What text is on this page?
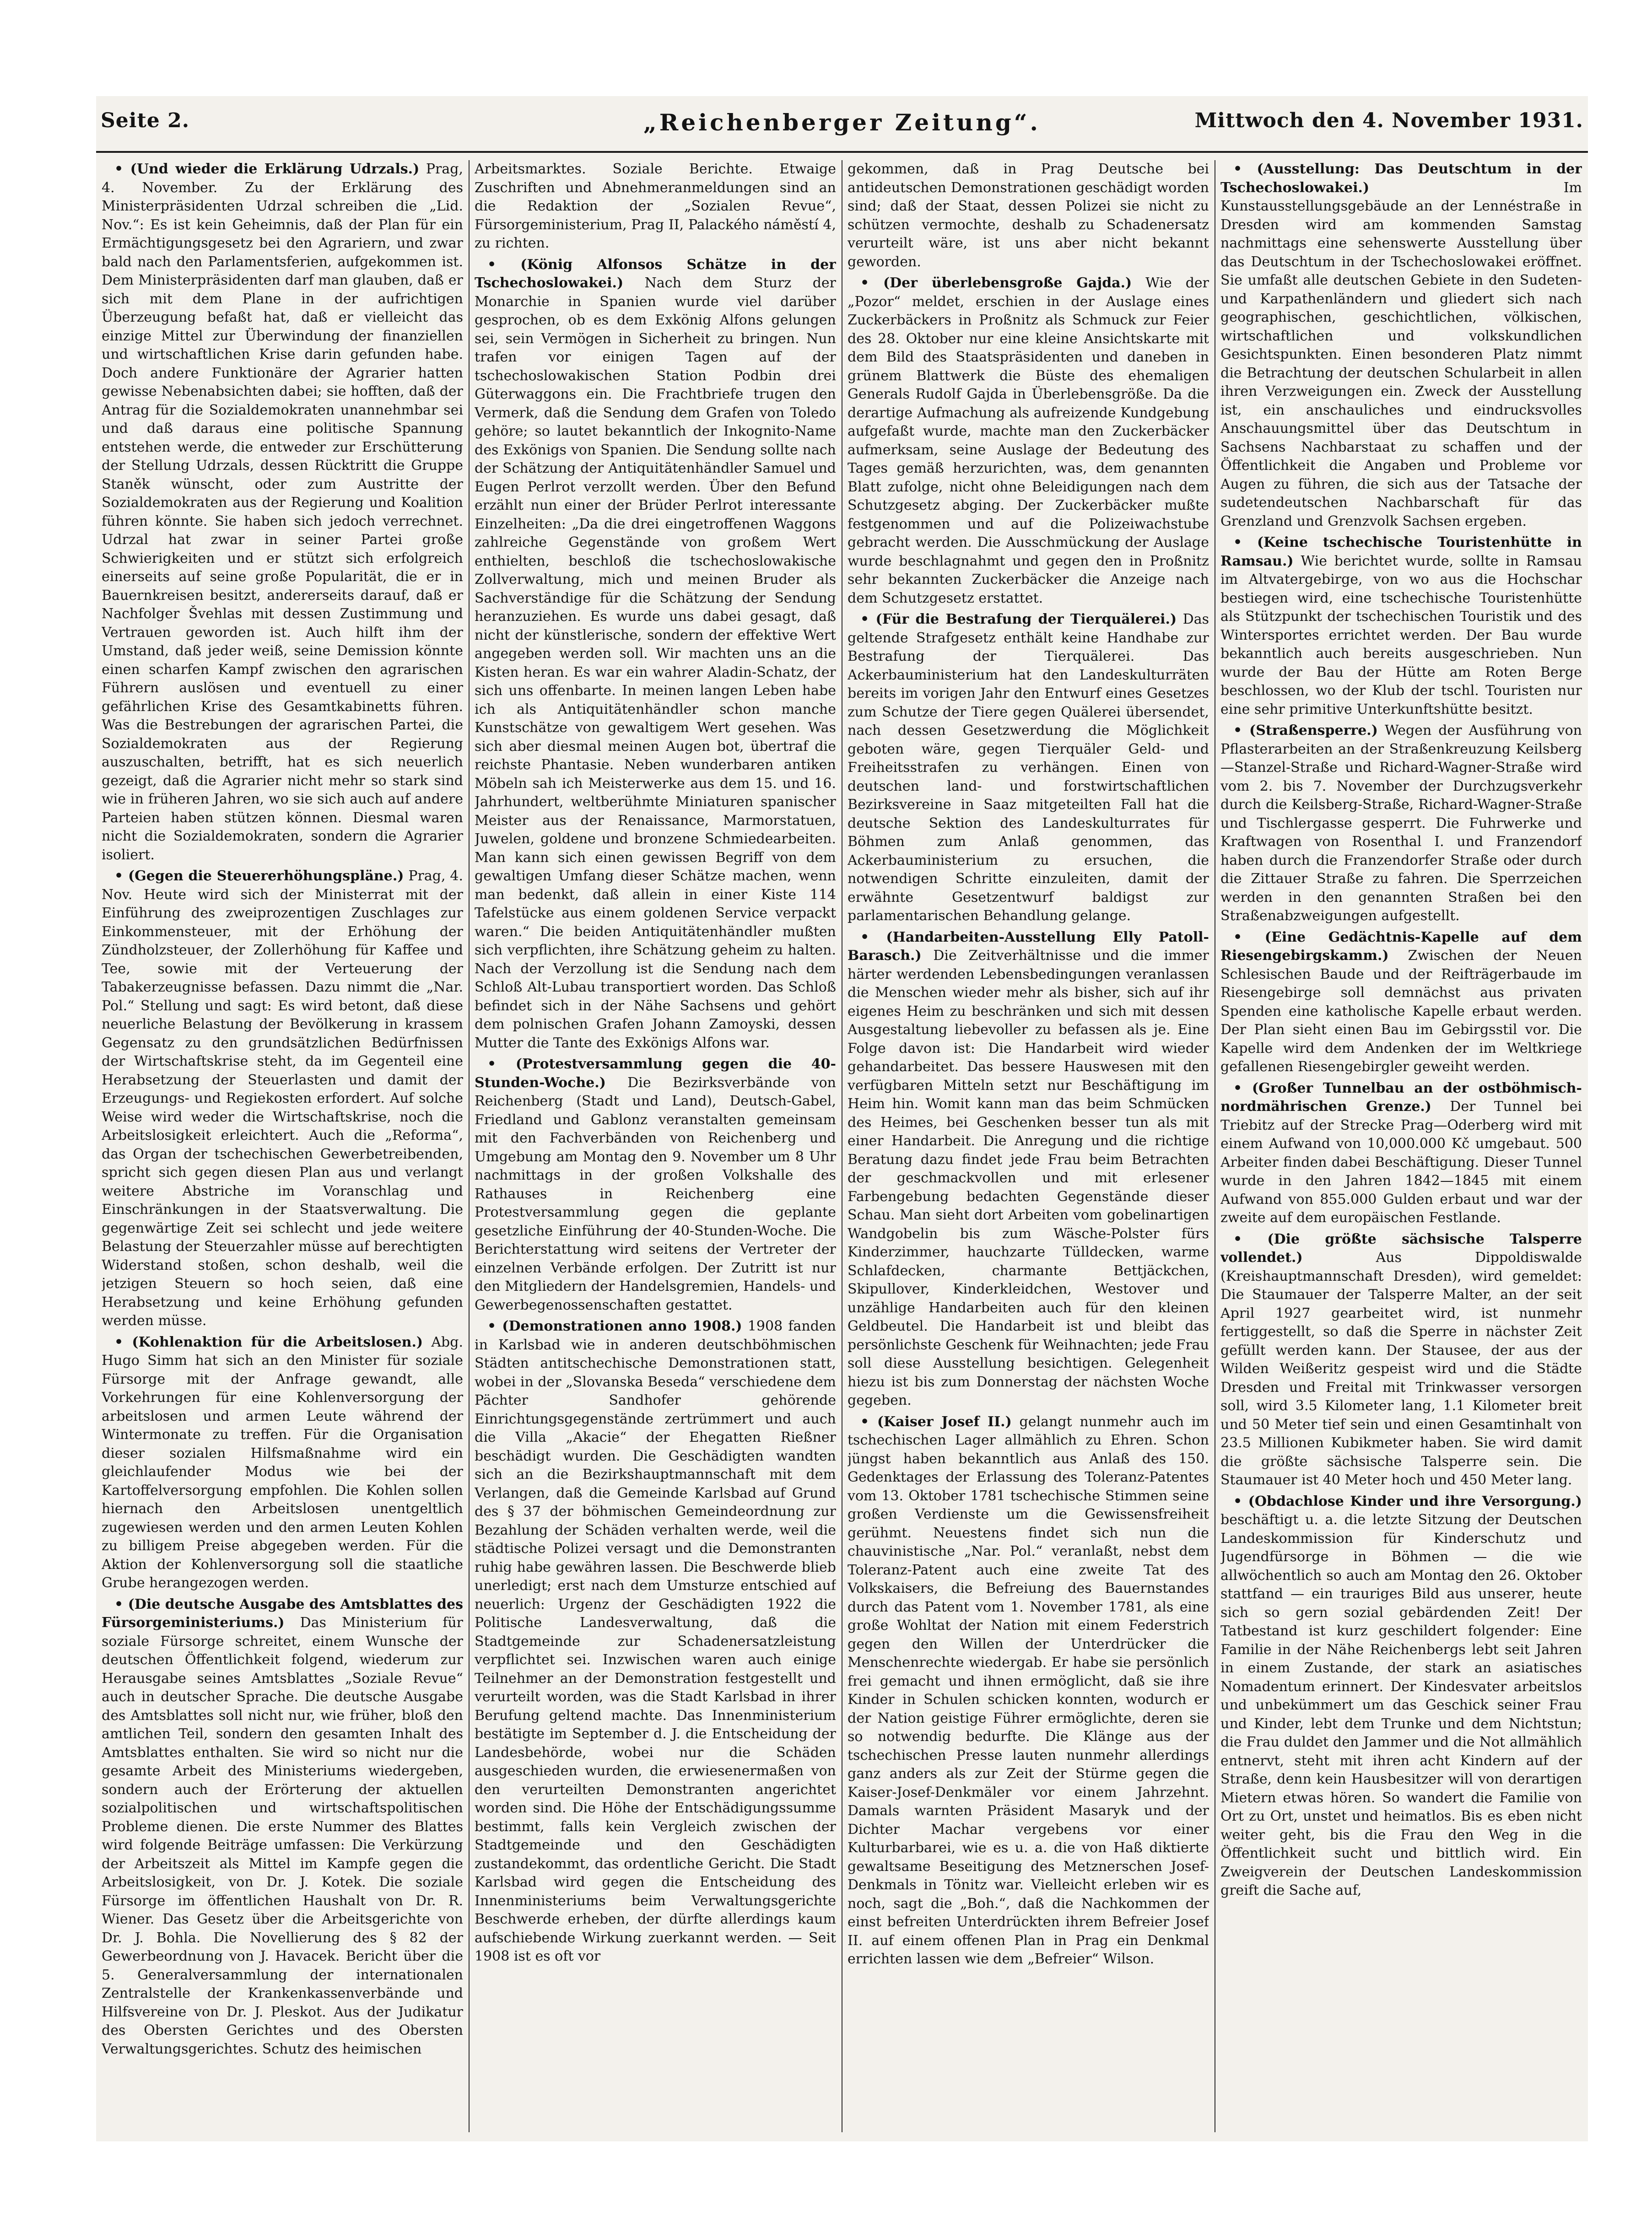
„Reichenberger Zeitung“.
Seite 2.	Mittwoch den 4. November 1931.

• (Und wieder die Erklärung Udrzals.) Prag, 4. November. Zu der Erklärung des Ministerpräsidenten Udrzal schreiben die „Lid. Nov.“: Es ist kein Geheimnis, daß der Plan für ein Ermächtigungsgesetz bei den Agrariern, und zwar bald nach den Parlamentsferien, aufgekommen ist. Dem Ministerpräsidenten darf man glauben, daß er sich mit dem Plane in der aufrichtigen Überzeugung befaßt hat, daß er vielleicht das einzige Mittel zur Überwindung der finanziellen und wirtschaftlichen Krise darin gefunden habe. Doch andere Funktionäre der Agrarier hatten gewisse Nebenabsichten dabei; sie hofften, daß der Antrag für die Sozialdemokraten unannehmbar sei und daß daraus eine politische Spannung entstehen werde, die entweder zur Erschütterung der Stellung Udrzals, dessen Rücktritt die Gruppe Staněk wünscht, oder zum Austritte der Sozialdemokraten aus der Regierung und Koalition führen könnte. Sie haben sich jedoch verrechnet. Udrzal hat zwar in seiner Partei große Schwierigkeiten und er stützt sich erfolgreich einerseits auf seine große Popularität, die er in Bauernkreisen besitzt, andererseits darauf, daß er Nachfolger Švehlas mit dessen Zustimmung und Vertrauen geworden ist. Auch hilft ihm der Umstand, daß jeder weiß, seine Demission könnte einen scharfen Kampf zwischen den agrarischen Führern auslösen und eventuell zu einer gefährlichen Krise des Gesamtkabinetts führen. Was die Bestrebungen der agrarischen Partei, die Sozialdemokraten aus der Regierung auszuschalten, betrifft, hat es sich neuerlich gezeigt, daß die Agrarier nicht mehr so stark sind wie in früheren Jahren, wo sie sich auch auf andere Parteien haben stützen können. Diesmal waren nicht die Sozialdemokraten, sondern die Agrarier isoliert.

• (Gegen die Steuererhöhungspläne.) Prag, 4. Nov. Heute wird sich der Ministerrat mit der Einführung des zweiprozentigen Zuschlages zur Einkommensteuer, mit der Erhöhung der Zündholzsteuer, der Zollerhöhung für Kaffee und Tee, sowie mit der Verteuerung der Tabakerzeugnisse befassen. Dazu nimmt die „Nar. Pol.“ Stellung und sagt: Es wird betont, daß diese neuerliche Belastung der Bevölkerung in krassem Gegensatz zu den grundsätzlichen Bedürfnissen der Wirtschaftskrise steht, da im Gegenteil eine Herabsetzung der Steuerlasten und damit der Erzeugungs- und Regiekosten erfordert. Auf solche Weise wird weder die Wirtschaftskrise, noch die Arbeitslosigkeit erleichtert. Auch die „Reforma“, das Organ der tschechischen Gewerbetreibenden, spricht sich gegen diesen Plan aus und verlangt weitere Abstriche im Voranschlag und Einschränkungen in der Staatsverwaltung. Die gegenwärtige Zeit sei schlecht und jede weitere Belastung der Steuerzahler müsse auf berechtigten Widerstand stoßen, schon deshalb, weil die jetzigen Steuern so hoch seien, daß eine Herabsetzung und keine Erhöhung gefunden werden müsse.

• (Kohlenaktion für die Arbeitslosen.) Abg. Hugo Simm hat sich an den Minister für soziale Fürsorge mit der Anfrage gewandt, alle Vorkehrungen für eine Kohlenversorgung der arbeitslosen und armen Leute während der Wintermonate zu treffen. Für die Organisation dieser sozialen Hilfsmaßnahme wird ein gleichlaufender Modus wie bei der Kartoffelversorgung empfohlen. Die Kohlen sollen hiernach den Arbeitslosen unentgeltlich zugewiesen werden und den armen Leuten Kohlen zu billigem Preise abgegeben werden. Für die Aktion der Kohlenversorgung soll die staatliche Grube herangezogen werden.

• (Die deutsche Ausgabe des Amtsblattes des Fürsorgeministeriums.) Das Ministerium für soziale Fürsorge schreitet, einem Wunsche der deutschen Öffentlichkeit folgend, wiederum zur Herausgabe seines Amtsblattes „Soziale Revue“ auch in deutscher Sprache. Die deutsche Ausgabe des Amtsblattes soll nicht nur, wie früher, bloß den amtlichen Teil, sondern den gesamten Inhalt des Amtsblattes enthalten. Sie wird so nicht nur die gesamte Arbeit des Ministeriums wiedergeben, sondern auch der Erörterung der aktuellen sozialpolitischen und wirtschaftspolitischen Probleme dienen. Die erste Nummer des Blattes wird folgende Beiträge umfassen: Die Verkürzung der Arbeitszeit als Mittel im Kampfe gegen die Arbeitslosigkeit, von Dr. J. Kotek. Die soziale Fürsorge im öffentlichen Haushalt von Dr. R. Wiener. Das Gesetz über die Arbeitsgerichte von Dr. J. Bohla. Die Novellierung des § 82 der Gewerbeordnung von J. Havacek. Bericht über die 5. Generalversammlung der internationalen Zentralstelle der Krankenkassenverbände und Hilfsvereine von Dr. J. Pleskot. Aus der Judikatur des Obersten Gerichtes und des Obersten Verwaltungsgerichtes. Schutz des heimischen

Arbeitsmarktes. Soziale Berichte. Etwaige Zuschriften und Abnehmeranmeldungen sind an die Redaktion der „Sozialen Revue“, Fürsorgeministerium, Prag II, Palackého náměstí 4, zu richten.

• (König Alfonsos Schätze in der Tschechoslowakei.) Nach dem Sturz der Monarchie in Spanien wurde viel darüber gesprochen, ob es dem Exkönig Alfons gelungen sei, sein Vermögen in Sicherheit zu bringen. Nun trafen vor einigen Tagen auf der tschechoslowakischen Station Podbin drei Güterwaggons ein. Die Frachtbriefe trugen den Vermerk, daß die Sendung dem Grafen von Toledo gehöre; so lautet bekanntlich der Inkognito-Name des Exkönigs von Spanien. Die Sendung sollte nach der Schätzung der Antiquitätenhändler Samuel und Eugen Perlrot verzollt werden. Über den Befund erzählt nun einer der Brüder Perlrot interessante Einzelheiten: „Da die drei eingetroffenen Waggons zahlreiche Gegenstände von großem Wert enthielten, beschloß die tschechoslowakische Zollverwaltung, mich und meinen Bruder als Sachverständige für die Schätzung der Sendung heranzuziehen. Es wurde uns dabei gesagt, daß nicht der künstlerische, sondern der effektive Wert angegeben werden soll. Wir machten uns an die Kisten heran. Es war ein wahrer Aladin-Schatz, der sich uns offenbarte. In meinen langen Leben habe ich als Antiquitätenhändler schon manche Kunstschätze von gewaltigem Wert gesehen. Was sich aber diesmal meinen Augen bot, übertraf die reichste Phantasie. Neben wunderbaren antiken Möbeln sah ich Meisterwerke aus dem 15. und 16. Jahrhundert, weltberühmte Miniaturen spanischer Meister aus der Renaissance, Marmorstatuen, Juwelen, goldene und bronzene Schmiedearbeiten. Man kann sich einen gewissen Begriff von dem gewaltigen Umfang dieser Schätze machen, wenn man bedenkt, daß allein in einer Kiste 114 Tafelstücke aus einem goldenen Service verpackt waren.“ Die beiden Antiquitätenhändler mußten sich verpflichten, ihre Schätzung geheim zu halten. Nach der Verzollung ist die Sendung nach dem Schloß Alt-Lubau transportiert worden. Das Schloß befindet sich in der Nähe Sachsens und gehört dem polnischen Grafen Johann Zamoyski, dessen Mutter die Tante des Exkönigs Alfons war.

• (Protestversammlung gegen die 40-Stunden-Woche.) Die Bezirksverbände von Reichenberg (Stadt und Land), Deutsch-Gabel, Friedland und Gablonz veranstalten gemeinsam mit den Fachverbänden von Reichenberg und Umgebung am Montag den 9. November um 8 Uhr nachmittags in der großen Volkshalle des Rathauses in Reichenberg eine Protestversammlung gegen die geplante gesetzliche Einführung der 40-Stunden-Woche. Die Berichterstattung wird seitens der Vertreter der einzelnen Verbände erfolgen. Der Zutritt ist nur den Mitgliedern der Handelsgremien, Handels- und Gewerbegenossenschaften gestattet.

• (Demonstrationen anno 1908.) 1908 fanden in Karlsbad wie in anderen deutschböhmischen Städten antitschechische Demonstrationen statt, wobei in der „Slovanska Beseda“ verschiedene dem Pächter Sandhofer gehörende Einrichtungsgegenstände zertrümmert und auch die Villa „Akacie“ der Ehegatten Rießner beschädigt wurden. Die Geschädigten wandten sich an die Bezirkshauptmannschaft mit dem Verlangen, daß die Gemeinde Karlsbad auf Grund des § 37 der böhmischen Gemeindeordnung zur Bezahlung der Schäden verhalten werde, weil die städtische Polizei versagt und die Demonstranten ruhig habe gewähren lassen. Die Beschwerde blieb unerledigt; erst nach dem Umsturze entschied auf neuerlich: Urgenz der Geschädigten 1922 die Politische Landesverwaltung, daß die Stadtgemeinde zur Schadenersatzleistung verpflichtet sei. Inzwischen waren auch einige Teilnehmer an der Demonstration festgestellt und verurteilt worden, was die Stadt Karlsbad in ihrer Berufung geltend machte. Das Innenministerium bestätigte im September d. J. die Entscheidung der Landesbehörde, wobei nur die Schäden ausgeschieden wurden, die erwiesenermaßen von den verurteilten Demonstranten angerichtet worden sind. Die Höhe der Entschädigungssumme bestimmt, falls kein Vergleich zwischen der Stadtgemeinde und den Geschädigten zustandekommt, das ordentliche Gericht. Die Stadt Karlsbad wird gegen die Entscheidung des Innenministeriums beim Verwaltungsgerichte Beschwerde erheben, der dürfte allerdings kaum aufschiebende Wirkung zuerkannt werden. — Seit 1908 ist es oft vor

gekommen, daß in Prag Deutsche bei antideutschen Demonstrationen geschädigt worden sind; daß der Staat, dessen Polizei sie nicht zu schützen vermochte, deshalb zu Schadenersatz verurteilt wäre, ist uns aber nicht bekannt geworden.

• (Der überlebensgroße Gajda.) Wie der „Pozor“ meldet, erschien in der Auslage eines Zuckerbäckers in Proßnitz als Schmuck zur Feier des 28. Oktober nur eine kleine Ansichtskarte mit dem Bild des Staatspräsidenten und daneben in grünem Blattwerk die Büste des ehemaligen Generals Rudolf Gajda in Überlebensgröße. Da die derartige Aufmachung als aufreizende Kundgebung aufgefaßt wurde, machte man den Zuckerbäcker aufmerksam, seine Auslage der Bedeutung des Tages gemäß herzurichten, was, dem genannten Blatt zufolge, nicht ohne Beleidigungen nach dem Schutzgesetz abging. Der Zuckerbäcker mußte festgenommen und auf die Polizeiwachstube gebracht werden. Die Ausschmückung der Auslage wurde beschlagnahmt und gegen den in Proßnitz sehr bekannten Zuckerbäcker die Anzeige nach dem Schutzgesetz erstattet.

• (Für die Bestrafung der Tierquälerei.) Das geltende Strafgesetz enthält keine Handhabe zur Bestrafung der Tierquälerei. Das Ackerbauministerium hat den Landeskulturräten bereits im vorigen Jahr den Entwurf eines Gesetzes zum Schutze der Tiere gegen Quälerei übersendet, nach dessen Gesetzwerdung die Möglichkeit geboten wäre, gegen Tierquäler Geld- und Freiheitsstrafen zu verhängen. Einen von deutschen land- und forstwirtschaftlichen Bezirksvereine in Saaz mitgeteilten Fall hat die deutsche Sektion des Landeskulturrates für Böhmen zum Anlaß genommen, das Ackerbauministerium zu ersuchen, die notwendigen Schritte einzuleiten, damit der erwähnte Gesetzentwurf baldigst zur parlamentarischen Behandlung gelange.

• (Handarbeiten-Ausstellung Elly Patoll-Barasch.) Die Zeitverhältnisse und die immer härter werdenden Lebensbedingungen veranlassen die Menschen wieder mehr als bisher, sich auf ihr eigenes Heim zu beschränken und sich mit dessen Ausgestaltung liebevoller zu befassen als je. Eine Folge davon ist: Die Handarbeit wird wieder gehandarbeitet. Das bessere Hauswesen mit den verfügbaren Mitteln setzt nur Beschäftigung im Heim hin. Womit kann man das beim Schmücken des Heimes, bei Geschenken besser tun als mit einer Handarbeit. Die Anregung und die richtige Beratung dazu findet jede Frau beim Betrachten der geschmackvollen und mit erlesener Farbengebung bedachten Gegenstände dieser Schau. Man sieht dort Arbeiten vom gobelinartigen Wandgobelin bis zum Wäsche-Polster fürs Kinderzimmer, hauchzarte Tülldecken, warme Schlafdecken, charmante Bettjäckchen, Skipullover, Kinderkleidchen, Westover und unzählige Handarbeiten auch für den kleinen Geldbeutel. Die Handarbeit ist und bleibt das persönlichste Geschenk für Weihnachten; jede Frau soll diese Ausstellung besichtigen. Gelegenheit hiezu ist bis zum Donnerstag der nächsten Woche gegeben.

• (Kaiser Josef II.) gelangt nunmehr auch im tschechischen Lager allmählich zu Ehren. Schon jüngst haben bekanntlich aus Anlaß des 150. Gedenktages der Erlassung des Toleranz-Patentes vom 13. Oktober 1781 tschechische Stimmen seine großen Verdienste um die Gewissensfreiheit gerühmt. Neuestens findet sich nun die chauvinistische „Nar. Pol.“ veranlaßt, nebst dem Toleranz-Patent auch eine zweite Tat des Volkskaisers, die Befreiung des Bauernstandes durch das Patent vom 1. November 1781, als eine große Wohltat der Nation mit einem Federstrich gegen den Willen der Unterdrücker die Menschenrechte wiedergab. Er habe sie persönlich frei gemacht und ihnen ermöglicht, daß sie ihre Kinder in Schulen schicken konnten, wodurch er der Nation geistige Führer ermöglichte, deren sie so notwendig bedurfte. Die Klänge aus der tschechischen Presse lauten nunmehr allerdings ganz anders als zur Zeit der Stürme gegen die Kaiser-Josef-Denkmäler vor einem Jahrzehnt. Damals warnten Präsident Masaryk und der Dichter Machar vergebens vor einer Kulturbarbarei, wie es u. a. die von Haß diktierte gewaltsame Beseitigung des Metznerschen Josef-Denkmals in Tönitz war. Vielleicht erleben wir es noch, sagt die „Boh.“, daß die Nachkommen der einst befreiten Unterdrückten ihrem Befreier Josef II. auf einem offenen Plan in Prag ein Denkmal errichten lassen wie dem „Befreier“ Wilson.

• (Ausstellung: Das Deutschtum in der Tschechoslowakei.) Im Kunstausstellungsgebäude an der Lennéstraße in Dresden wird am kommenden Samstag nachmittags eine sehenswerte Ausstellung über das Deutschtum in der Tschechoslowakei eröffnet. Sie umfaßt alle deutschen Gebiete in den Sudeten- und Karpathenländern und gliedert sich nach geographischen, geschichtlichen, völkischen, wirtschaftlichen und volkskundlichen Gesichtspunkten. Einen besonderen Platz nimmt die Betrachtung der deutschen Schularbeit in allen ihren Verzweigungen ein. Zweck der Ausstellung ist, ein anschauliches und eindrucksvolles Anschauungsmittel über das Deutschtum in Sachsens Nachbarstaat zu schaffen und der Öffentlichkeit die Angaben und Probleme vor Augen zu führen, die sich aus der Tatsache der sudetendeutschen Nachbarschaft für das Grenzland und Grenzvolk Sachsen ergeben.

• (Keine tschechische Touristenhütte in Ramsau.) Wie berichtet wurde, sollte in Ramsau im Altvatergebirge, von wo aus die Hochschar bestiegen wird, eine tschechische Touristenhütte als Stützpunkt der tschechischen Touristik und des Wintersportes errichtet werden. Der Bau wurde bekanntlich auch bereits ausgeschrieben. Nun wurde der Bau der Hütte am Roten Berge beschlossen, wo der Klub der tschl. Touristen nur eine sehr primitive Unterkunftshütte besitzt.

• (Straßensperre.) Wegen der Ausführung von Pflasterarbeiten an der Straßenkreuzung Keilsberg—Stanzel-Straße und Richard-Wagner-Straße wird vom 2. bis 7. November der Durchzugsverkehr durch die Keilsberg-Straße, Richard-Wagner-Straße und Tischlergasse gesperrt. Die Fuhrwerke und Kraftwagen von Rosenthal I. und Franzendorf haben durch die Franzendorfer Straße oder durch die Zittauer Straße zu fahren. Die Sperrzeichen werden in den genannten Straßen bei den Straßenabzweigungen aufgestellt.

• (Eine Gedächtnis-Kapelle auf dem Riesengebirgskamm.) Zwischen der Neuen Schlesischen Baude und der Reifträgerbaude im Riesengebirge soll demnächst aus privaten Spenden eine katholische Kapelle erbaut werden. Der Plan sieht einen Bau im Gebirgsstil vor. Die Kapelle wird dem Andenken der im Weltkriege gefallenen Riesengebirgler geweiht werden.

• (Großer Tunnelbau an der ostböhmisch-nordmährischen Grenze.) Der Tunnel bei Triebitz auf der Strecke Prag—Oderberg wird mit einem Aufwand von 10,000.000 Kč umgebaut. 500 Arbeiter finden dabei Beschäftigung. Dieser Tunnel wurde in den Jahren 1842—1845 mit einem Aufwand von 855.000 Gulden erbaut und war der zweite auf dem europäischen Festlande.

• (Die größte sächsische Talsperre vollendet.) Aus Dippoldiswalde (Kreishauptmannschaft Dresden), wird gemeldet: Die Staumauer der Talsperre Malter, an der seit April 1927 gearbeitet wird, ist nunmehr fertiggestellt, so daß die Sperre in nächster Zeit gefüllt werden kann. Der Stausee, der aus der Wilden Weißeritz gespeist wird und die Städte Dresden und Freital mit Trinkwasser versorgen soll, wird 3.5 Kilometer lang, 1.1 Kilometer breit und 50 Meter tief sein und einen Gesamtinhalt von 23.5 Millionen Kubikmeter haben. Sie wird damit die größte sächsische Talsperre sein. Die Staumauer ist 40 Meter hoch und 450 Meter lang.

• (Obdachlose Kinder und ihre Versorgung.) beschäftigt u. a. die letzte Sitzung der Deutschen Landeskommission für Kinderschutz und Jugendfürsorge in Böhmen — die wie allwöchentlich so auch am Montag den 26. Oktober stattfand — ein trauriges Bild aus unserer, heute sich so gern sozial gebärdenden Zeit! Der Tatbestand ist kurz geschildert folgender: Eine Familie in der Nähe Reichenbergs lebt seit Jahren in einem Zustande, der stark an asiatisches Nomadentum erinnert. Der Kindesvater arbeitslos und unbekümmert um das Geschick seiner Frau und Kinder, lebt dem Trunke und dem Nichtstun; die Frau duldet den Jammer und die Not allmählich entnervt, steht mit ihren acht Kindern auf der Straße, denn kein Hausbesitzer will von derartigen Mietern etwas hören. So wandert die Familie von Ort zu Ort, unstet und heimatlos. Bis es eben nicht weiter geht, bis die Frau den Weg in die Öffentlichkeit sucht und bittlich wird. Ein Zweigverein der Deutschen Landeskommission greift die Sache auf,
